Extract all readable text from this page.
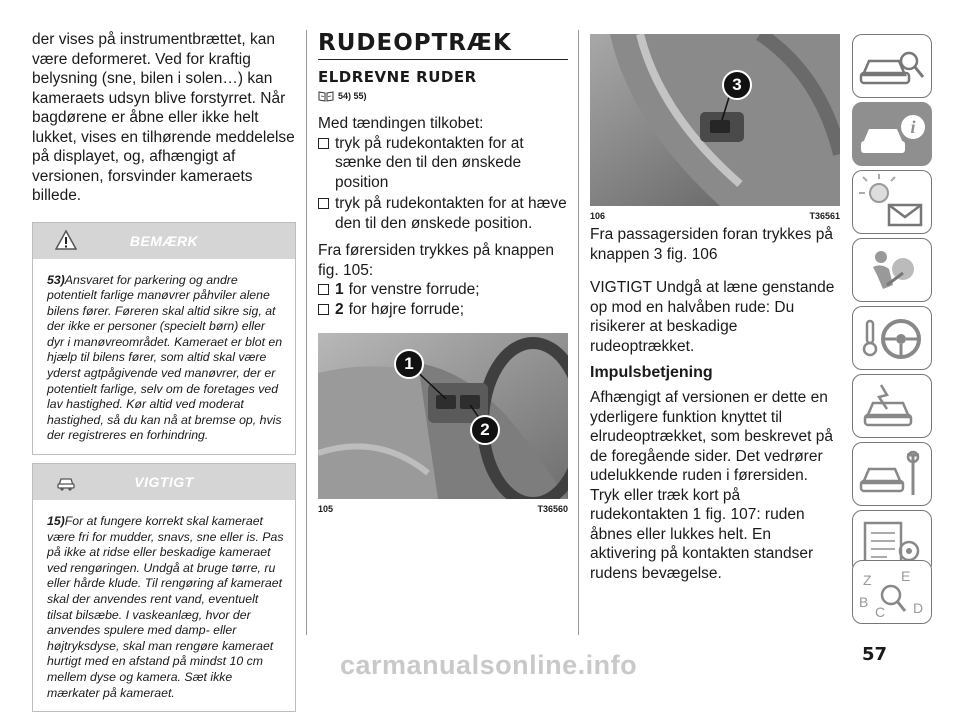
der vises på instrumentbrættet, kan være deformeret. Ved for kraftig belysning (sne, bilen i solen…) kan kameraets udsyn blive forstyrret. Når bagdørene er åbne eller ikke helt lukket, vises en tilhørende meddelelse på displayet, og, afhængigt af versionen, forsvinder kameraets billede.

BEMÆRK
53)Ansvaret for parkering og andre potentielt farlige manøvrer påhviler alene bilens fører. Føreren skal altid sikre sig, at der ikke er personer (specielt børn) eller dyr i manøvreområdet. Kameraet er blot en hjælp til bilens fører, som altid skal være yderst agtpågivende ved manøvrer, der er potentielt farlige, selv om de foretages ved lav hastighed. Kør altid ved moderat hastighed, så du kan nå at bremse op, hvis der registreres en forhindring.
VIGTIGT
15)For at fungere korrekt skal kameraet være fri for mudder, snavs, sne eller is. Pas på ikke at ridse eller beskadige kameraet ved rengøringen. Undgå at bruge tørre, ru eller hårde klude. Til rengøring af kameraet skal der anvendes rent vand, eventuelt tilsat bilsæbe. I vaskeanlæg, hvor der anvendes spulere med damp- eller højtryksdyse, skal man rengøre kameraet hurtigt med en afstand på mindst 10 cm mellem dyse og kamera. Sæt ikke mærkater på kameraet.
RUDEOPTRÆK
ELDREVNE RUDER
54) 55)

Med tændingen tilkobet:

tryk på rudekontakten for at sænke den til den ønskede position
tryk på rudekontakten for at hæve den til den ønskede position.

Fra førersiden trykkes på knappen fig. 105:

1 for venstre forrude;
2 for højre forrude;
1
2
105	T36560
3
106	T36561

Fra passagersiden foran trykkes på knappen 3 fig. 106

VIGTIGT Undgå at læne genstande op mod en halvåben rude: Du risikerer at beskadige rudeoptrækket.

Impulsbetjening

Afhængigt af versionen er dette en yderligere funktion knyttet til elrudeoptrækket, som beskrevet på de foregående sider. Det vedrører udelukkende ruden i førersiden. Tryk eller træk kort på rudekontakten 1 fig. 107: ruden åbnes eller lukkes helt. En aktivering på kontakten standser rudens bevægelse.

i
Z E
B
C D
57
carmanualsonline.info
